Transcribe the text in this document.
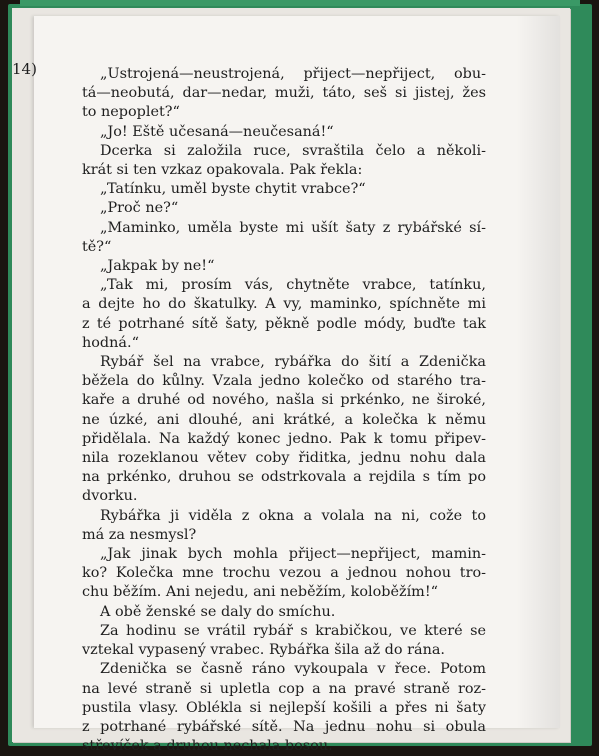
14)	„Ustrojená—neustrojená, přiject—nepřiject, obu-
tá—neobutá, dar—nedar, muži, táto, seš si jistej, žes
to nepoplet?“
„Jo! Eště učesaná—neučesaná!“
Dcerka si založila ruce, svraštila čelo a několi-
krát si ten vzkaz opakovala. Pak řekla:
„Tatínku, uměl byste chytit vrabce?“
„Proč ne?“
„Maminko, uměla byste mi ušít šaty z rybářské sí-
tě?“
„Jakpak by ne!“
„Tak mi, prosím vás, chytněte vrabce, tatínku,
a dejte ho do škatulky. A vy, maminko, spíchněte mi
z té potrhané sítě šaty, pěkně podle módy, buďte tak
hodná.“
Rybář šel na vrabce, rybářka do šití a Zdenička
běžela do kůlny. Vzala jedno kolečko od starého tra-
kaře a druhé od nového, našla si prkénko, ne široké,
ne úzké, ani dlouhé, ani krátké, a kolečka k němu
přidělala. Na každý konec jedno. Pak k tomu připev-
nila rozeklanou větev coby řiditka, jednu nohu dala
na prkénko, druhou se odstrkovala a rejdila s tím po
dvorku.
Rybářka ji viděla z okna a volala na ni, cože to
má za nesmysl?
„Jak jinak bych mohla přiject—nepřiject, mamin-
ko? Kolečka mne trochu vezou a jednou nohou tro-
chu běžím. Ani nejedu, ani neběžím, koloběžím!“
A obě ženské se daly do smíchu.
Za hodinu se vrátil rybář s krabičkou, ve které se
vztekal vypasený vrabec. Rybářka šila až do rána.
Zdenička se časně ráno vykoupala v řece. Potom
na levé straně si upletla cop a na pravé straně roz-
pustila vlasy. Oblékla si nejlepší košili a přes ni šaty
z potrhané rybářské sítě. Na jednu nohu si obula
střevíček a druhou nechala bosou.
